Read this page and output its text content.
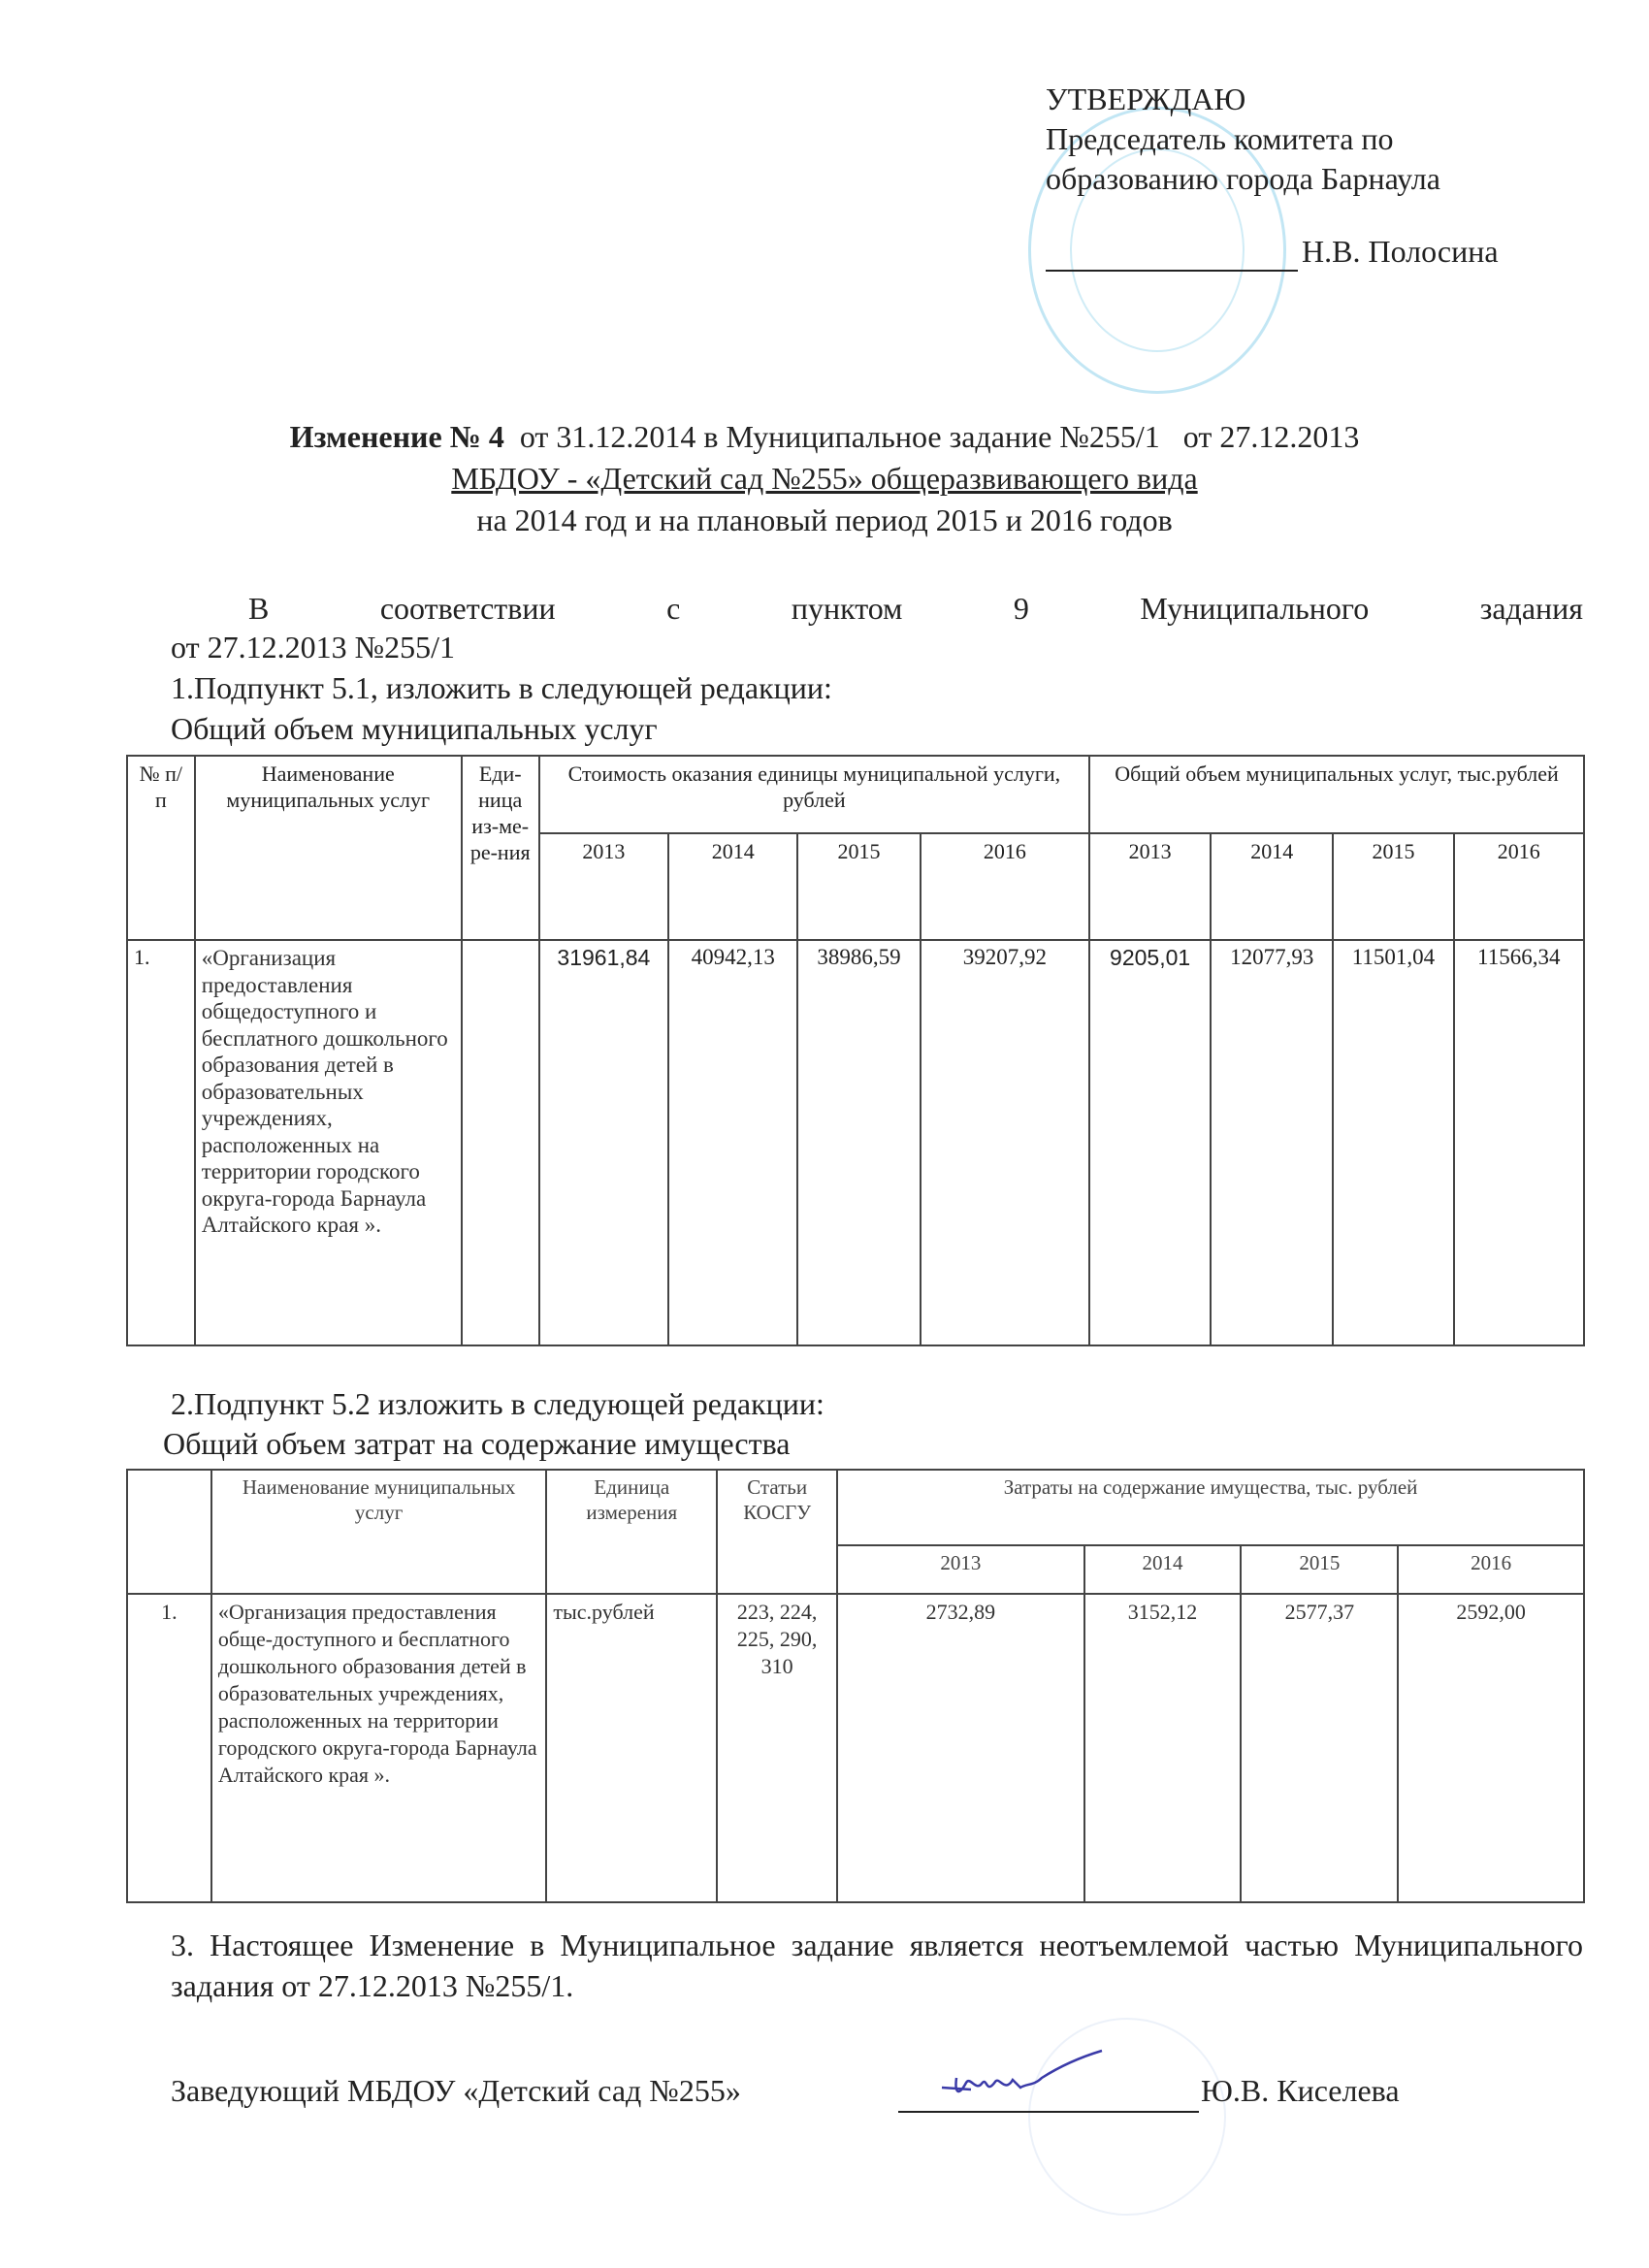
УТВЕРЖДАЮ
Председатель комитета по
образованию города Барнаула
Н.В. Полосина
Изменение № 4  от 31.12.2014 в Муниципальное задание №255/1   от 27.12.2013
МБДОУ - «Детский сад №255» общеразвивающего вида
на 2014 год и на плановый период 2015 и 2016 годов
В соответствии с пунктом 9 Муниципального задания
от 27.12.2013 №255/1
1.Подпункт 5.1, изложить в следующей редакции:
Общий объем муниципальных услуг
№ п/п	Наименование муниципальных услуг	Еди-ница из-ме-ре-ния	Стоимость оказания единицы муниципальной услуги, рублей				Общий объем муниципальных услуг, тыс.рублей			
			2013	2014	2015	2016	2013	2014	2015	2016
1.	«Организация предоставления общедоступного и бесплатного дошкольного образования детей в образовательных учреждениях, расположенных на территории городского округа-города Барнаула Алтайского края ».		31961,84	40942,13	38986,59	39207,92	9205,01	12077,93	11501,04	11566,34
2.Подпункт 5.2 изложить в следующей редакции:
Общий объем затрат на содержание имущества
	Наименование муниципальных услуг	Единица измерения	Статьи КОСГУ	Затраты на содержание имущества, тыс. рублей			
				2013	2014	2015	2016
1.	«Организация предоставления обще-доступного и бесплатного дошкольного образования детей в образовательных учреждениях, расположенных на территории городского округа-города Барнаула Алтайского края ».	тыс.рублей	223, 224, 225, 290, 310	2732,89	3152,12	2577,37	2592,00
3. Настоящее Изменение в Муниципальное задание является неотъемлемой частью Муниципального задания от 27.12.2013 №255/1.
Заведующий МБДОУ «Детский сад №255»	Ю.В. Киселева
